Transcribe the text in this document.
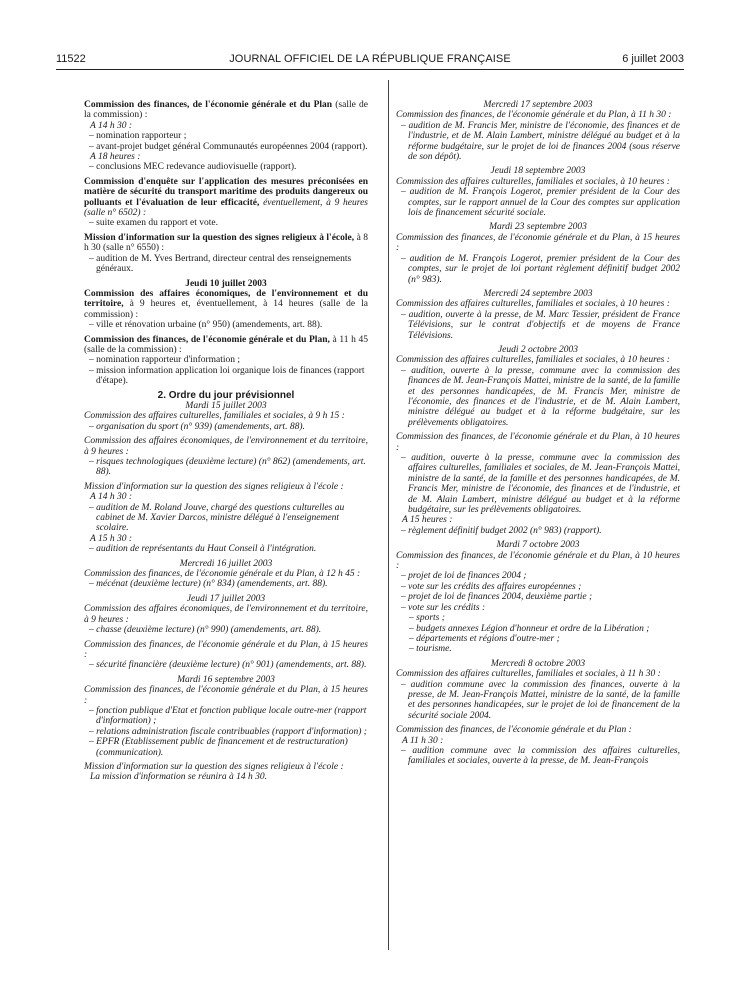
11522	JOURNAL OFFICIEL DE LA RÉPUBLIQUE FRANÇAISE	6 juillet 2003

Commission des finances, de l'économie générale et du Plan (salle de la commission) :

A 14 h 30 :

– nomination rapporteur ;

– avant-projet budget général Communautés européennes 2004 (rapport).

A 18 heures :

– conclusions MEC redevance audiovisuelle (rapport).

Commission d'enquête sur l'application des mesures préconisées en matière de sécurité du transport maritime des produits dangereux ou polluants et l'évaluation de leur efficacité, éventuellement, à 9 heures (salle n° 6502) :

– suite examen du rapport et vote.

Mission d'information sur la question des signes religieux à l'école, à 8 h 30 (salle n° 6550) :

– audition de M. Yves Bertrand, directeur central des renseignements généraux.

Jeudi 10 juillet 2003

Commission des affaires économiques, de l'environnement et du territoire, à 9 heures et, éventuellement, à 14 heures (salle de la commission) :

– ville et rénovation urbaine (n° 950) (amendements, art. 88).

Commission des finances, de l'économie générale et du Plan, à 11 h 45 (salle de la commission) :

– nomination rapporteur d'information ;

– mission information application loi organique lois de finances (rapport d'étape).

2. Ordre du jour prévisionnel

Mardi 15 juillet 2003

Commission des affaires culturelles, familiales et sociales, à 9 h 15 :

– organisation du sport (n° 939) (amendements, art. 88).

Commission des affaires économiques, de l'environnement et du territoire, à 9 heures :

– risques technologiques (deuxième lecture) (n° 862) (amendements, art. 88).

Mission d'information sur la question des signes religieux à l'école :

A 14 h 30 :

– audition de M. Roland Jouve, chargé des questions culturelles au cabinet de M. Xavier Darcos, ministre délégué à l'enseignement scolaire.

A 15 h 30 :

– audition de représentants du Haut Conseil à l'intégration.

Mercredi 16 juillet 2003

Commission des finances, de l'économie générale et du Plan, à 12 h 45 :

– mécénat (deuxième lecture) (n° 834) (amendements, art. 88).

Jeudi 17 juillet 2003

Commission des affaires économiques, de l'environnement et du territoire, à 9 heures :

– chasse (deuxième lecture) (n° 990) (amendements, art. 88).

Commission des finances, de l'économie générale et du Plan, à 15 heures :

– sécurité financière (deuxième lecture) (n° 901) (amendements, art. 88).

Mardi 16 septembre 2003

Commission des finances, de l'économie générale et du Plan, à 15 heures :

– fonction publique d'Etat et fonction publique locale outre-mer (rapport d'information) ;

– relations administration fiscale contribuables (rapport d'information) ;

– EPFR (Etablissement public de financement et de restructuration) (communication).

Mission d'information sur la question des signes religieux à l'école :

La mission d'information se réunira à 14 h 30.

Mercredi 17 septembre 2003

Commission des finances, de l'économie générale et du Plan, à 11 h 30 :

– audition de M. Francis Mer, ministre de l'économie, des finances et de l'industrie, et de M. Alain Lambert, ministre délégué au budget et à la réforme budgétaire, sur le projet de loi de finances 2004 (sous réserve de son dépôt).

Jeudi 18 septembre 2003

Commission des affaires culturelles, familiales et sociales, à 10 heures :

– audition de M. François Logerot, premier président de la Cour des comptes, sur le rapport annuel de la Cour des comptes sur application lois de financement sécurité sociale.

Mardi 23 septembre 2003

Commission des finances, de l'économie générale et du Plan, à 15 heures :

– audition de M. François Logerot, premier président de la Cour des comptes, sur le projet de loi portant règlement définitif budget 2002 (n° 983).

Mercredi 24 septembre 2003

Commission des affaires culturelles, familiales et sociales, à 10 heures :

– audition, ouverte à la presse, de M. Marc Tessier, président de France Télévisions, sur le contrat d'objectifs et de moyens de France Télévisions.

Jeudi 2 octobre 2003

Commission des affaires culturelles, familiales et sociales, à 10 heures :

– audition, ouverte à la presse, commune avec la commission des finances de M. Jean-François Mattei, ministre de la santé, de la famille et des personnes handicapées, de M. Francis Mer, ministre de l'économie, des finances et de l'industrie, et de M. Alain Lambert, ministre délégué au budget et à la réforme budgétaire, sur les prélèvements obligatoires.

Commission des finances, de l'économie générale et du Plan, à 10 heures :

– audition, ouverte à la presse, commune avec la commission des affaires culturelles, familiales et sociales, de M. Jean-François Mattei, ministre de la santé, de la famille et des personnes handicapées, de M. Francis Mer, ministre de l'économie, des finances et de l'industrie, et de M. Alain Lambert, ministre délégué au budget et à la réforme budgétaire, sur les prélèvements obligatoires.

A 15 heures :

– règlement définitif budget 2002 (n° 983) (rapport).

Mardi 7 octobre 2003

Commission des finances, de l'économie générale et du Plan, à 10 heures :

– projet de loi de finances 2004 ;

– vote sur les crédits des affaires européennes ;

– projet de loi de finances 2004, deuxième partie ;

– vote sur les crédits :

– sports ;

– budgets annexes Légion d'honneur et ordre de la Libération ;

– départements et régions d'outre-mer ;

– tourisme.

Mercredi 8 octobre 2003

Commission des affaires culturelles, familiales et sociales, à 11 h 30 :

– audition commune avec la commission des finances, ouverte à la presse, de M. Jean-François Mattei, ministre de la santé, de la famille et des personnes handicapées, sur le projet de loi de financement de la sécurité sociale 2004.

Commission des finances, de l'économie générale et du Plan :

A 11 h 30 :

– audition commune avec la commission des affaires culturelles, familiales et sociales, ouverte à la presse, de M. Jean-François
